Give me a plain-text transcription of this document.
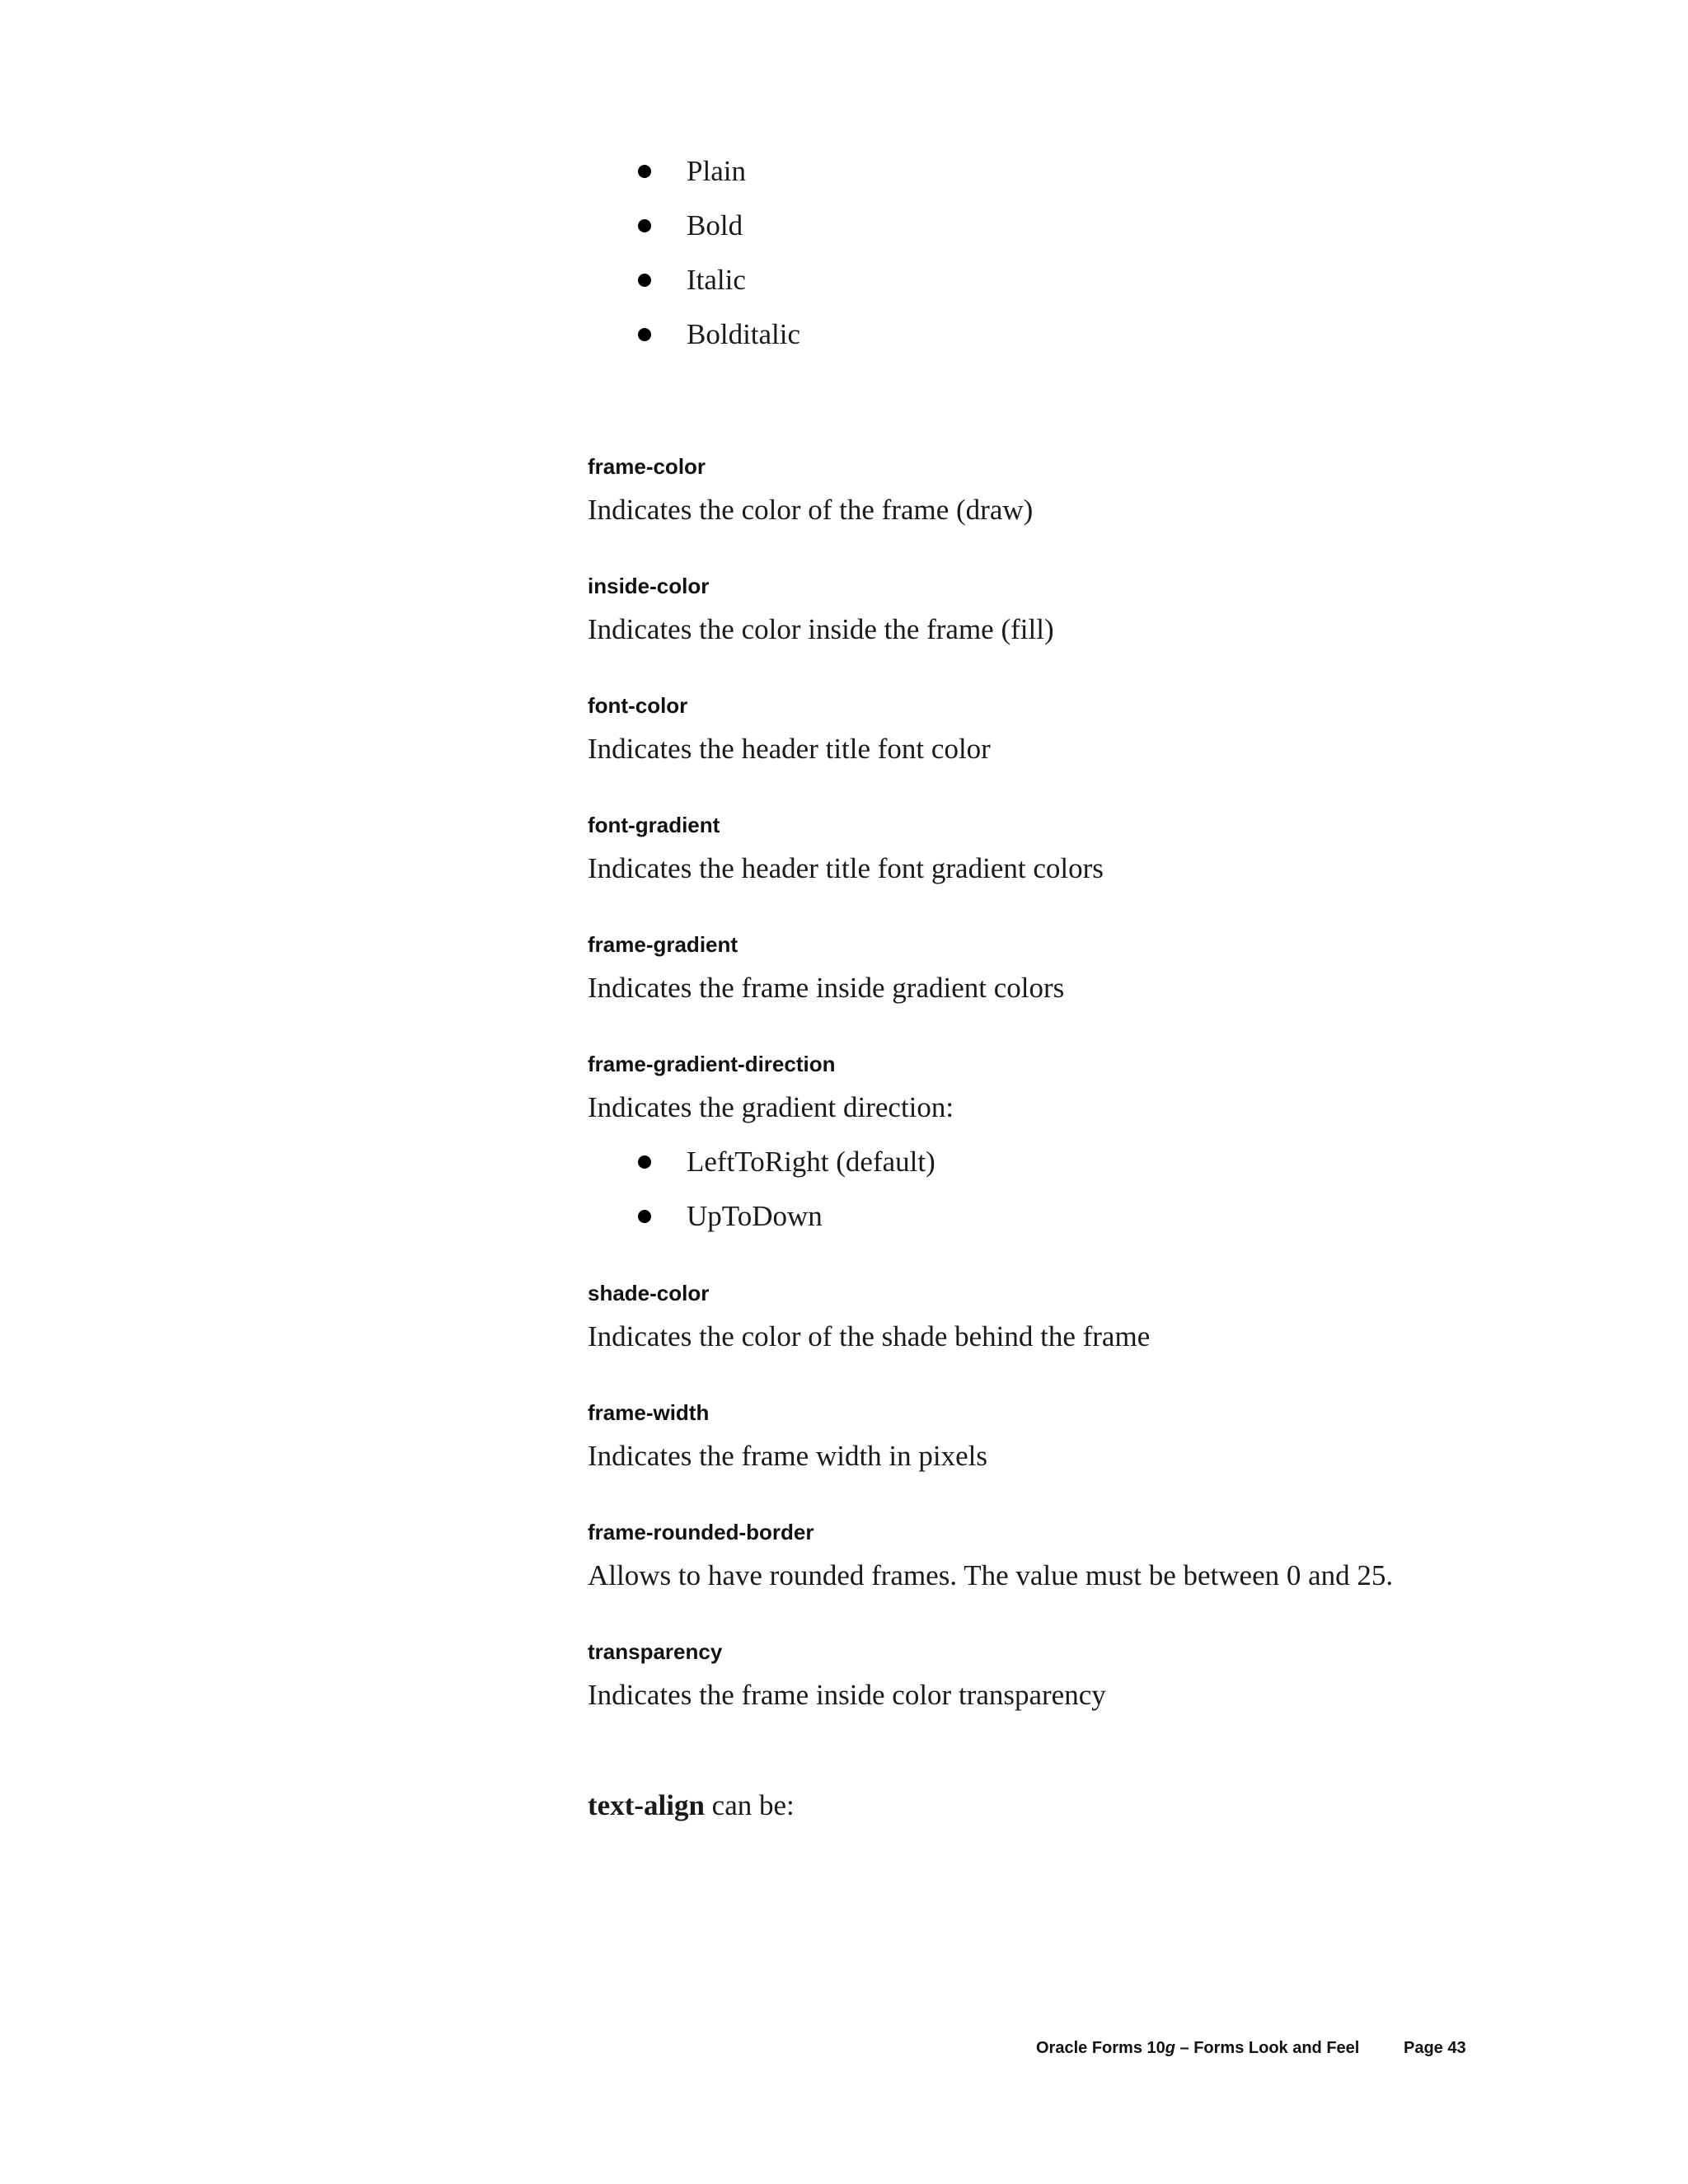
Plain
Bold
Italic
Bolditalic
frame-color
Indicates the color of the frame (draw)
inside-color
Indicates the color inside the frame (fill)
font-color
Indicates the header title font color
font-gradient
Indicates the header title font gradient colors
frame-gradient
Indicates the frame inside gradient colors
frame-gradient-direction
Indicates the gradient direction:
LeftToRight (default)
UpToDown
shade-color
Indicates the color of the shade behind the frame
frame-width
Indicates the frame width in pixels
frame-rounded-border
Allows to have rounded frames. The value must be between 0 and 25.
transparency
Indicates the frame inside color transparency
text-align can be:
Oracle Forms 10g – Forms Look and Feel	Page 43
